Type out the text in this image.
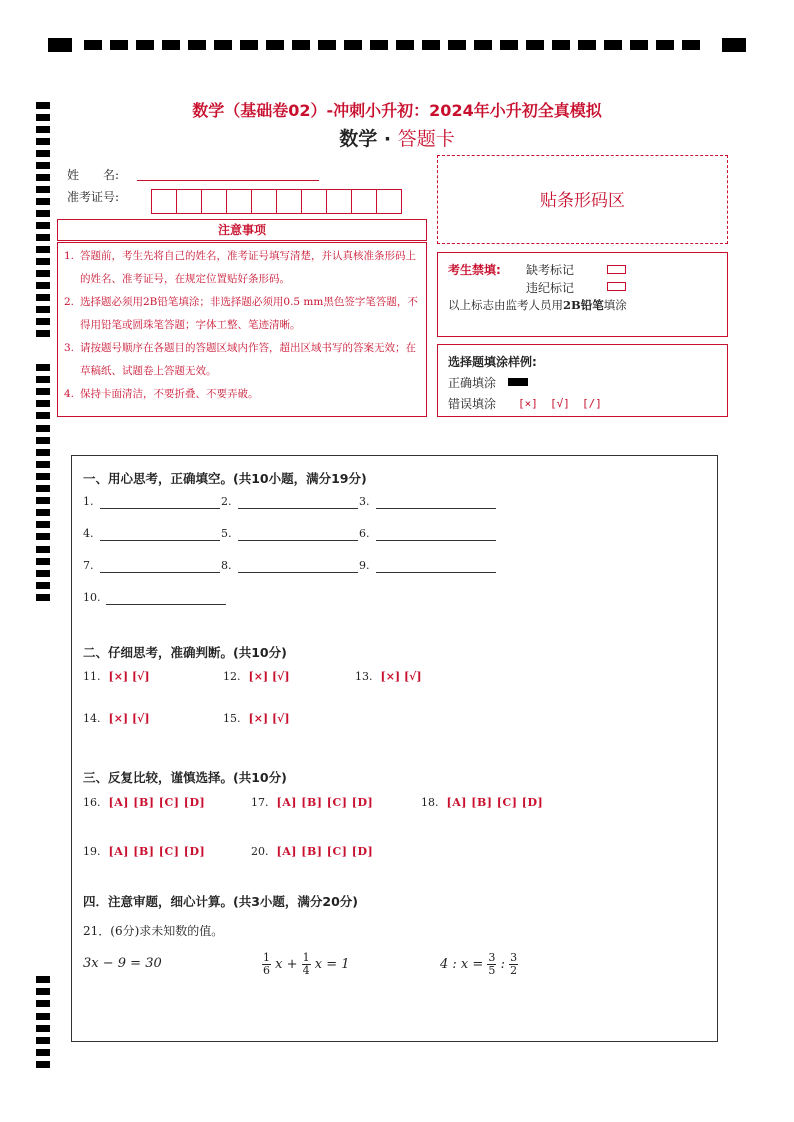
数学（基础卷02）-冲刺小升初：2024年小升初全真模拟
数学 · 答题卡
姓　　名:
准考证号:
注意事项
1. 答题前，考生先将自己的姓名，准考证号填写清楚，并认真核准条形码上的姓名、准考证号，在规定位置贴好条形码。
2. 选择题必须用2B铅笔填涂；非选择题必须用0.5 mm黑色签字笔答题，不得用铅笔或圆珠笔答题；字体工整、笔迹清晰。
3. 请按题号顺序在各题目的答题区域内作答，超出区域书写的答案无效；在草稿纸、试题卷上答题无效。
4. 保持卡面清洁，不要折叠、不要弄破。
贴条形码区
考生禁填: 缺考标记
违纪标记
以上标志由监考人员用2B铅笔填涂
选择题填涂样例:
正确填涂
错误填涂 [×] [√] [/]
一、用心思考，正确填空。(共10小题，满分19分)
1.	2.	3.
4.	5.	6.
7.	8.	9.
10.
二、仔细思考，准确判断。(共10分)
11. [×] [√]	12. [×] [√]	13. [×] [√]
14. [×] [√]	15. [×] [√]
三、反复比较，谨慎选择。(共10分)
16. [A] [B] [C] [D]	17. [A] [B] [C] [D]	18. [A] [B] [C] [D]
19. [A] [B] [C] [D]	20. [A] [B] [C] [D]
四．注意审题，细心计算。(共3小题，满分20分)
21．(6分)求未知数的值。
3x − 9 = 30	$\frac{1}{6}$ $x + \frac{1}{4}$ x = 1	4 : $x = \frac{3}{5}$ : $\frac{3}{2}$
